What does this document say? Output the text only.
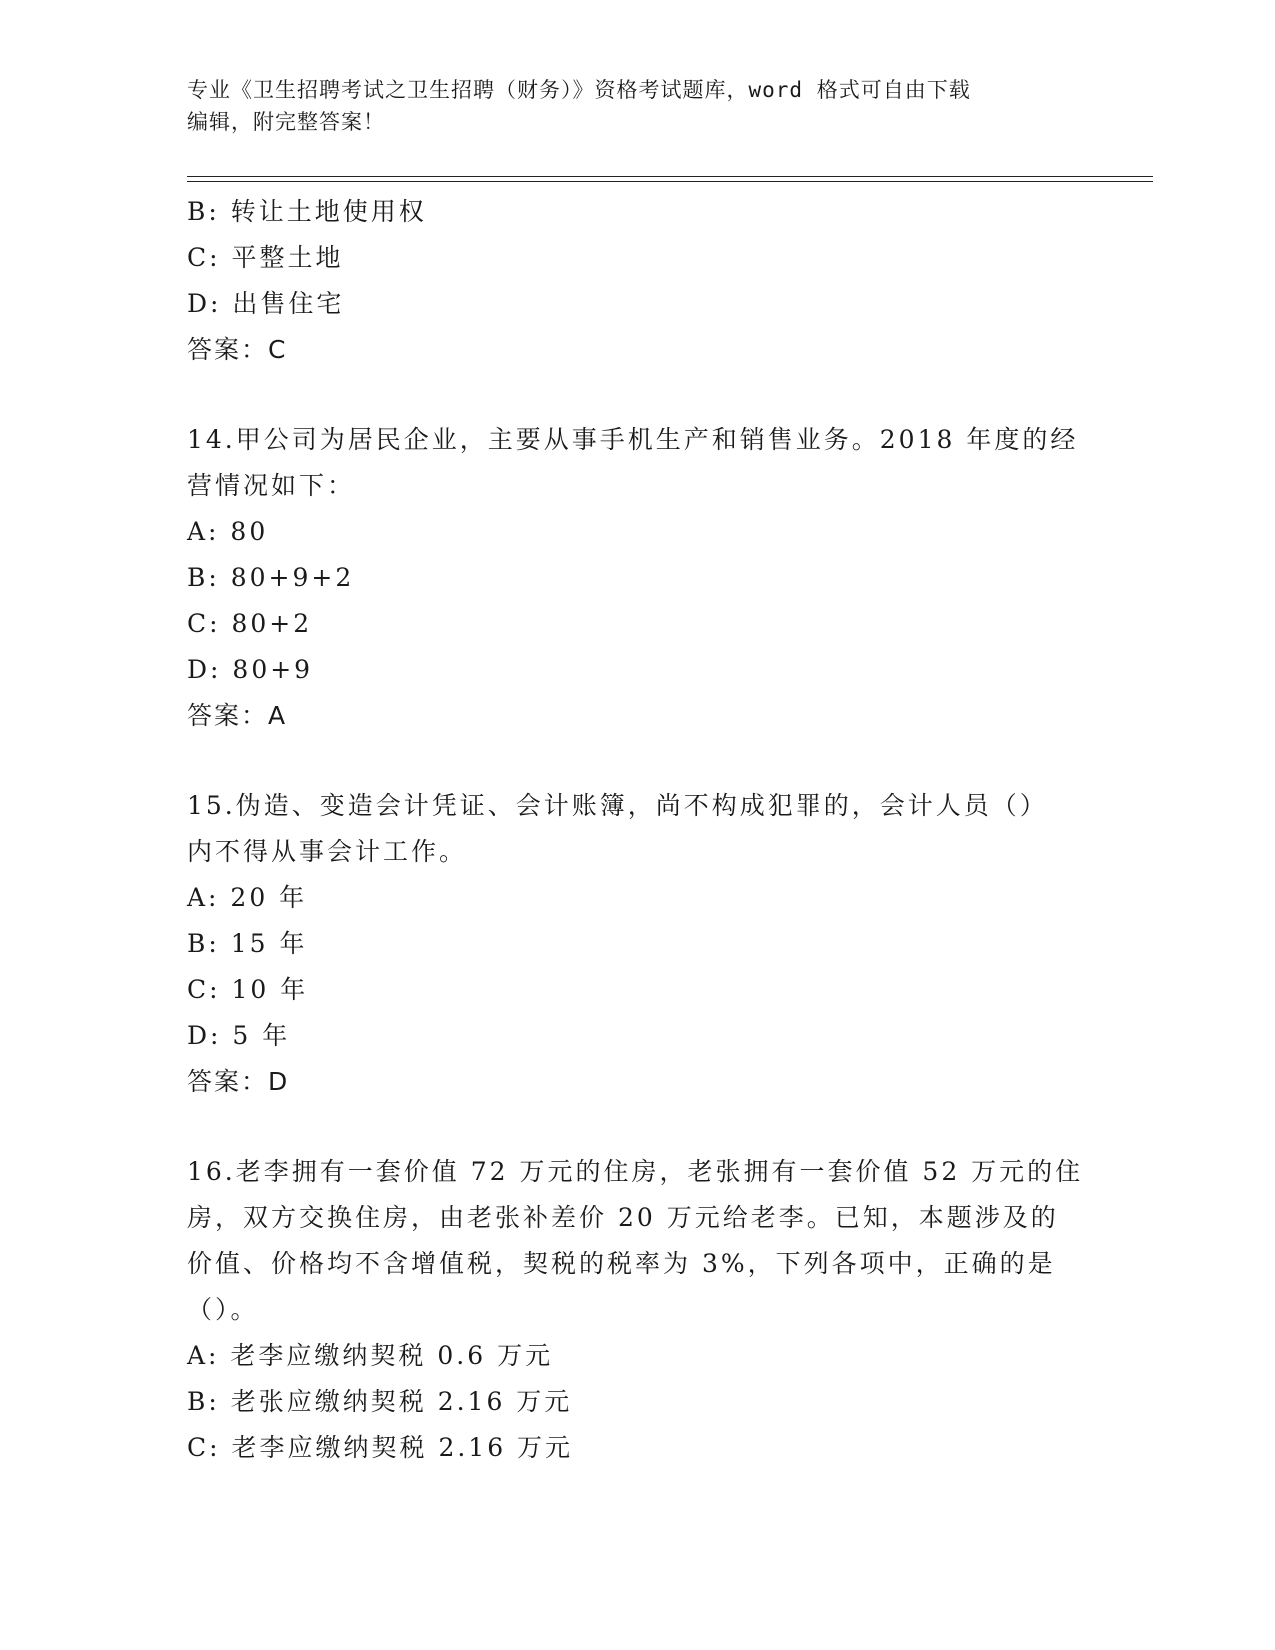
专业《卫生招聘考试之卫生招聘（财务）》资格考试题库，word 格式可自由下载
编辑，附完整答案！
B: 转让土地使用权
C: 平整土地
D: 出售住宅
答案：C
14.甲公司为居民企业，主要从事手机生产和销售业务。2018 年度的经
营情况如下：
A: 80
B: 80+9+2
C: 80+2
D: 80+9
答案：A
15.伪造、变造会计凭证、会计账簿，尚不构成犯罪的，会计人员（）
内不得从事会计工作。
A: 20 年
B: 15 年
C: 10 年
D: 5 年
答案：D
16.老李拥有一套价值 72 万元的住房，老张拥有一套价值 52 万元的住
房，双方交换住房，由老张补差价 20 万元给老李。已知，本题涉及的
价值、价格均不含增值税，契税的税率为 3%，下列各项中，正确的是
（）。
A: 老李应缴纳契税 0.6 万元
B: 老张应缴纳契税 2.16 万元
C: 老李应缴纳契税 2.16 万元
